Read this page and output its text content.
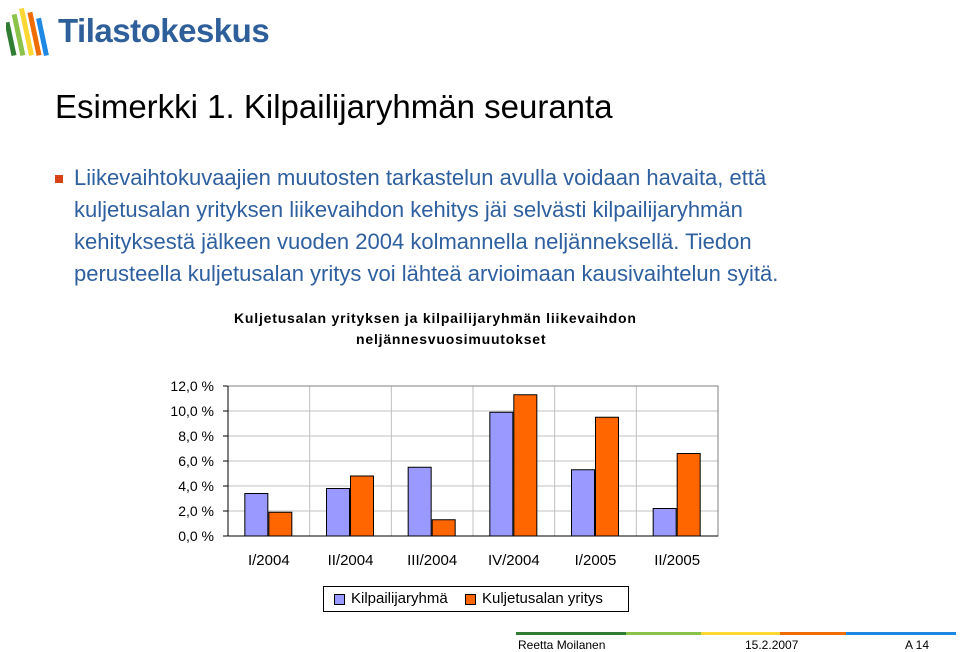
Tilastokeskus
Esimerkki 1. Kilpailijaryhmän seuranta
Liikevaihtokuvaajien muutosten tarkastelun avulla voidaan havaita, että kuljetusalan yrityksen liikevaihdon kehitys jäi selvästi kilpailijaryhmän kehityksestä jälkeen vuoden 2004 kolmannella neljänneksellä. Tiedon perusteella kuljetusalan yritys voi lähteä arvioimaan kausivaihtelun syitä.
Kuljetusalan yrityksen ja kilpailijaryhmän liikevaihdon
neljännesvuosimuutokset
0,0 %
2,0 %
4,0 %
6,0 %
8,0 %
10,0 %
12,0 %
I/2004	II/2004 III/2004 IV/2004 I/2005	II/2005
Kilpailijaryhmä	Kuljetusalan yritys
Reetta Moilanen	15.2.2007	A 14
